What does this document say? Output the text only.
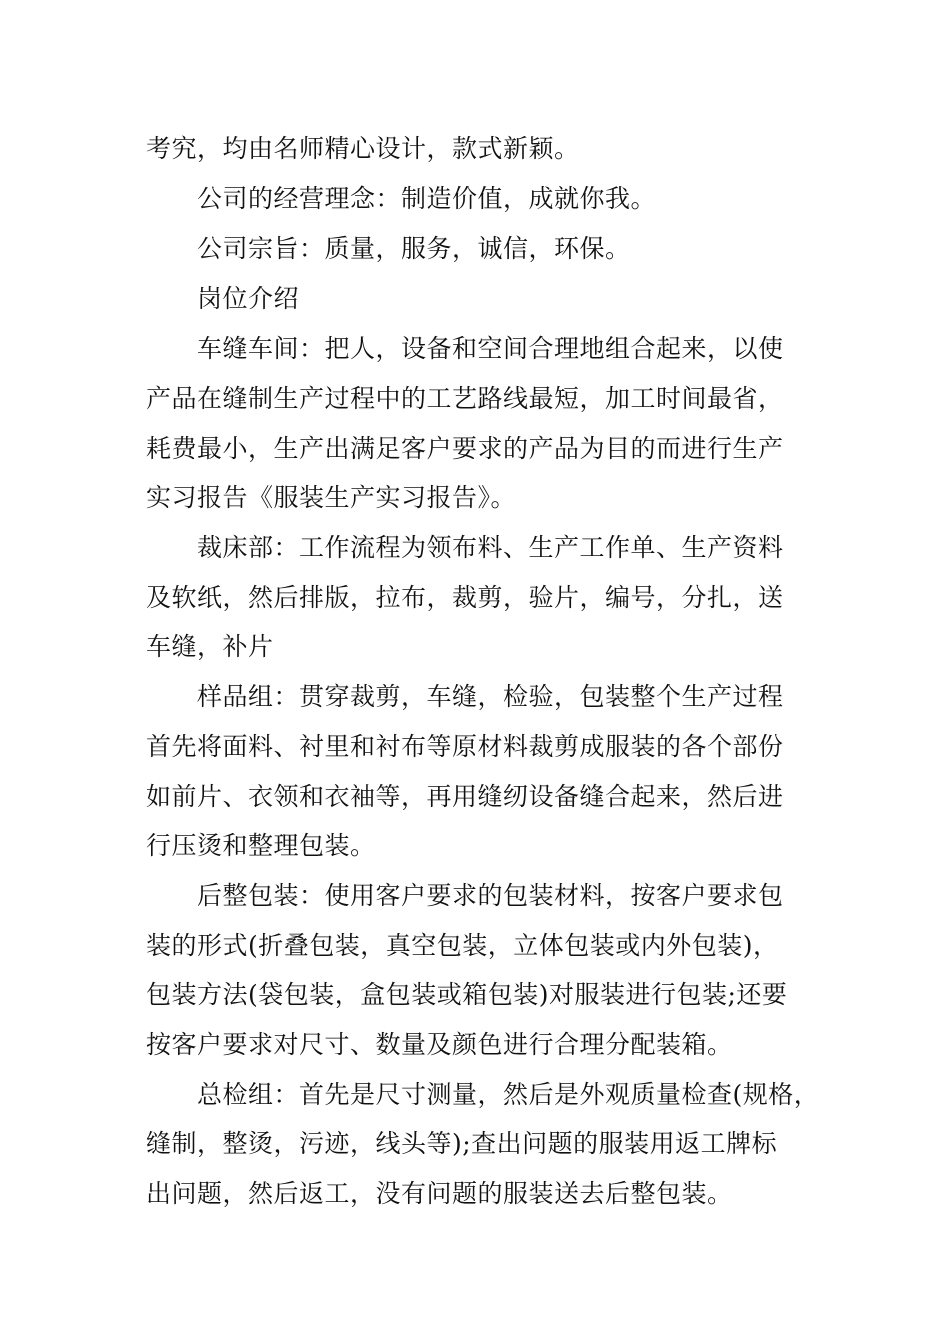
考究，均由名师精心设计，款式新颖。
公司的经营理念：制造价值，成就你我。
公司宗旨：质量，服务，诚信，环保。
岗位介绍
车缝车间：把人，设备和空间合理地组合起来，以使
产品在缝制生产过程中的工艺路线最短，加工时间最省，
耗费最小，生产出满足客户要求的产品为目的而进行生产
实习报告《服装生产实习报告》。
裁床部：工作流程为领布料、生产工作单、生产资料
及软纸，然后排版，拉布，裁剪，验片，编号，分扎，送
车缝，补片
样品组：贯穿裁剪，车缝，检验，包装整个生产过程
首先将面料、衬里和衬布等原材料裁剪成服装的各个部份
如前片、衣领和衣袖等，再用缝纫设备缝合起来，然后进
行压烫和整理包装。
后整包装：使用客户要求的包装材料，按客户要求包
装的形式(折叠包装，真空包装，立体包装或内外包装)，
包装方法(袋包装，盒包装或箱包装)对服装进行包装;还要
按客户要求对尺寸、数量及颜色进行合理分配装箱。
总检组：首先是尺寸测量，然后是外观质量检查(规格，
缝制，整烫，污迹，线头等);查出问题的服装用返工牌标
出问题，然后返工，没有问题的服装送去后整包装。
